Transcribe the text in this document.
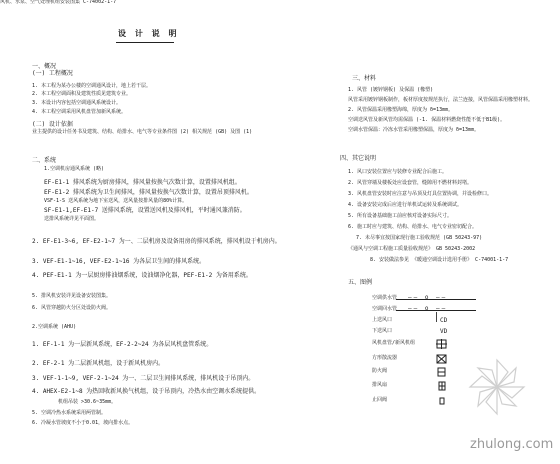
设 计 说 明
一、概况
(一) 工程概况
1. 本工程为某办公楼的空调通风设计，地上若干层。
2. 本工程空调面积及建筑性质见建筑专业。
3. 本设计内容包括空调通风系统设计。
4. 本工程空调采用风机盘管加新风系统。
(二) 设计依据
业主提供的设计任务书及建筑、结构、给排水、电气等专业条件图 (2) 相关规范 (GB) 及图 (1)
二、系统
1.空调机房通风系统 (略)
EF-E1-1 排风系统为厨房排风，排风量按换气次数计算，设置排风机组。
EF-E1-2 排风系统为卫生间排风，排风量按换气次数计算，设置吊顶排风机。
VSF-1-S 送风系统为地下室送风，送风量按排风量的80%计算。
SF-E1-1,EF-E1-7 送排风系统，设置送风机及排风机，平时通风兼消防。
送排风系统详见平面图。
2. EF-E1-3~6, EF-E2-1~7 为一、二层机房及设备用房的排风系统，排风机设于机房内。
3. VEF-E1-1~16, VEF-E2-1~16 为各层卫生间的排风系统。
4. PEF-E1-1 为一层厨房排油烟系统，设油烟净化器，PEF-E1-2 为备用系统。
5. 排风机安装详见设备安装图集。
6. 风管穿越防火分区处设防火阀。
2.空调系统 (AHU)
1. EF-1-1 为一层新风系统，EF-2-2~24 为各层风机盘管系统。
2. EF-2-1 为二层新风机组，设于新风机房内。
3. VEF-1-1~9, VEF-2-1~24 为一、二层卫生间排风系统，排风机设于吊顶内。
4. AHEX-E2-1~8 为热回收新风换气机组，设于吊顶内，冷热水由空调水系统提供。
机组吊装 >30.6~35mm。
5. 空调冷热水系统采用两管制。
6. 冷凝水管坡度不小于0.01，坡向排水点。
三、材料
1. 风管 (镀锌钢板) 及保温 (橡塑)
风管采用镀锌钢板制作，板材厚度按规范执行，法兰连接，风管保温采用橡塑材料。
2. 风管保温采用橡塑海绵，厚度为 δ=13mm。
空调送风管及新风管均需保温 (-1. 保温材料燃烧性能不低于B1级)。
空调水管保温：冷冻水管采用橡塑保温，厚度为 δ=13mm。
四、其它说明
1. 风口安装位置应与装修专业配合后施工。
2. 风管穿墙及楼板处应设套管，缝隙用不燃材料封堵。
3. 风机盘管安装时应注意与吊顶及灯具位置协调，并设检修口。
4. 设备安装完成后应进行单机试运转及系统调试。
5. 所有设备基础施工前应核对设备实际尺寸。
6. 施工时应与建筑、结构、给排水、电气专业密切配合。
7. 未尽事宜按国家现行施工验收规范 (GB 50243-97)
《通风与空调工程施工质量验收规范》 GB 50243-2002
8. 安装做法参见 《暖通空调设计选用手册》 C-74001-1-7
风机、水泵、空气处理机组安装图集 C-74002-1-7
五、图例
空调供水管 —— o ——
空调回水管 —— o ——
上送风口	CD
下送风口	VD
风机盘管/新风机组
方形散流器
防火阀
排风扇
止回阀
zhulong.com
